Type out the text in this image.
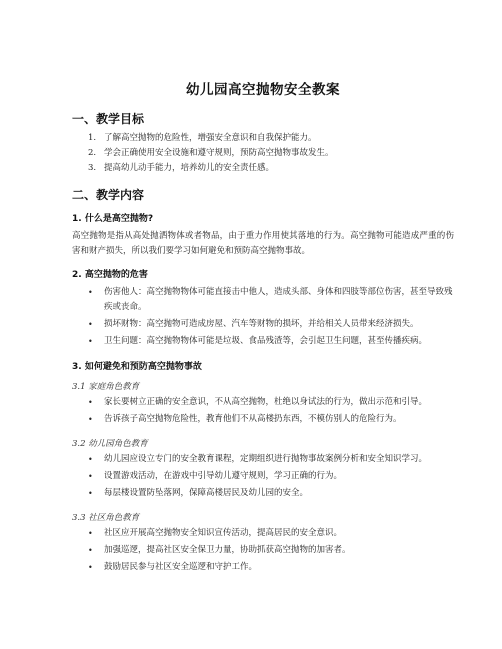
幼儿园高空抛物安全教案
一、教学目标
1. 了解高空抛物的危险性，增强安全意识和自我保护能力。
2. 学会正确使用安全设施和遵守规则，预防高空抛物事故发生。
3. 提高幼儿动手能力，培养幼儿的安全责任感。
二、教学内容
1. 什么是高空抛物?

高空抛物是指从高处抛洒物体或者物品，由于重力作用使其落地的行为。高空抛物可能造成严重的伤害和财产损失，所以我们要学习如何避免和预防高空抛物事故。

2. 高空抛物的危害
• 伤害他人：高空抛物物体可能直接击中他人，造成头部、身体和四肢等部位伤害，甚至导致残疾或丧命。
• 损坏财物：高空抛物可造成房屋、汽车等财物的损坏，并给相关人员带来经济损失。
• 卫生问题：高空抛物物体可能是垃圾、食品残渣等，会引起卫生问题，甚至传播疾病。
3. 如何避免和预防高空抛物事故
3.1 家庭角色教育
• 家长要树立正确的安全意识，不从高空抛物，杜绝以身试法的行为，做出示范和引导。
• 告诉孩子高空抛物危险性，教育他们不从高楼扔东西，不模仿别人的危险行为。
3.2 幼儿园角色教育
• 幼儿园应设立专门的安全教育课程，定期组织进行抛物事故案例分析和安全知识学习。
• 设置游戏活动，在游戏中引导幼儿遵守规则，学习正确的行为。
• 每层楼设置防坠落网，保障高楼居民及幼儿园的安全。
3.3 社区角色教育
• 社区应开展高空抛物安全知识宣传活动，提高居民的安全意识。
• 加强巡逻，提高社区安全保卫力量，协助抓获高空抛物的加害者。
• 鼓励居民参与社区安全巡逻和守护工作。
